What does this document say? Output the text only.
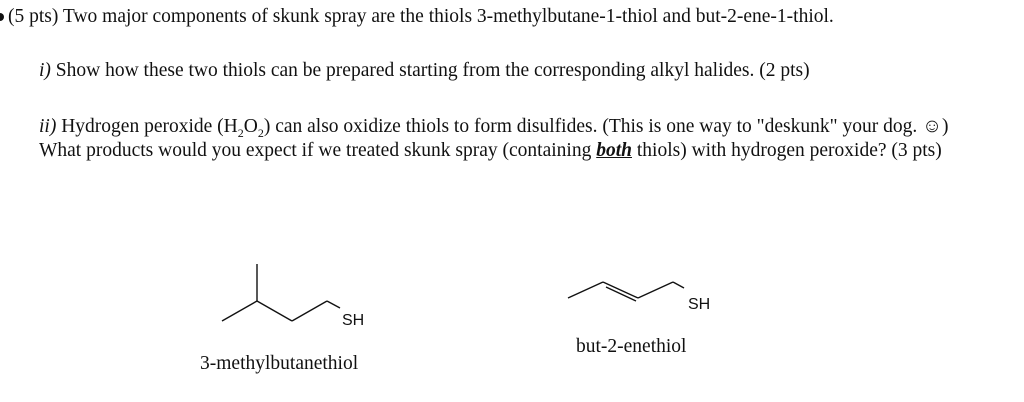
(5 pts) Two major components of skunk spray are the thiols 3-methylbutane-1-thiol and but-2-ene-1-thiol.
i) Show how these two thiols can be prepared starting from the corresponding alkyl halides. (2 pts)
ii) Hydrogen peroxide $(H_2O_2)$ can also oxidize thiols to form disulfides. (This is one way to "deskunk" your dog. ☺) What products would you expect if we treated skunk spray (containing both thiols) with hydrogen peroxide? (3 pts)
SH
SH
3-methylbutanethiol
but-2-enethiol
